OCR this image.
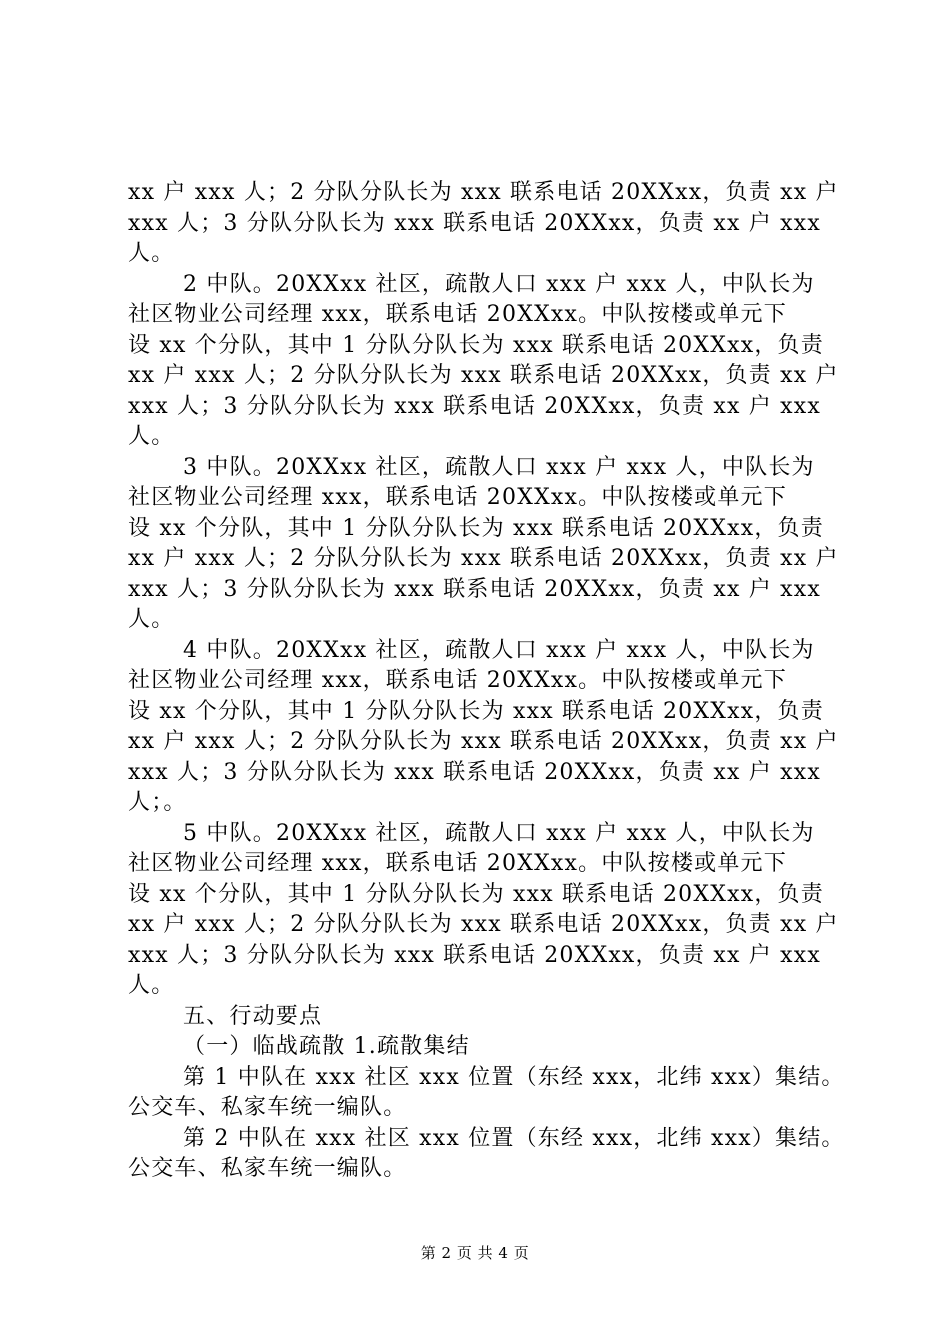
xx 户 xxx 人；2 分队分队长为 xxx 联系电话 20XXxx，负责 xx 户
xxx 人；3 分队分队长为 xxx 联系电话 20XXxx，负责 xx 户 xxx
人。
2 中队。20XXxx 社区，疏散人口 xxx 户 xxx 人，中队长为
社区物业公司经理 xxx，联系电话 20XXxx。中队按楼或单元下
设 xx 个分队，其中 1 分队分队长为 xxx 联系电话 20XXxx，负责
xx 户 xxx 人；2 分队分队长为 xxx 联系电话 20XXxx，负责 xx 户
xxx 人；3 分队分队长为 xxx 联系电话 20XXxx，负责 xx 户 xxx
人。
3 中队。20XXxx 社区，疏散人口 xxx 户 xxx 人，中队长为
社区物业公司经理 xxx，联系电话 20XXxx。中队按楼或单元下
设 xx 个分队，其中 1 分队分队长为 xxx 联系电话 20XXxx，负责
xx 户 xxx 人；2 分队分队长为 xxx 联系电话 20XXxx，负责 xx 户
xxx 人；3 分队分队长为 xxx 联系电话 20XXxx，负责 xx 户 xxx
人。
4 中队。20XXxx 社区，疏散人口 xxx 户 xxx 人，中队长为
社区物业公司经理 xxx，联系电话 20XXxx。中队按楼或单元下
设 xx 个分队，其中 1 分队分队长为 xxx 联系电话 20XXxx，负责
xx 户 xxx 人；2 分队分队长为 xxx 联系电话 20XXxx，负责 xx 户
xxx 人；3 分队分队长为 xxx 联系电话 20XXxx，负责 xx 户 xxx
人；。
5 中队。20XXxx 社区，疏散人口 xxx 户 xxx 人，中队长为
社区物业公司经理 xxx，联系电话 20XXxx。中队按楼或单元下
设 xx 个分队，其中 1 分队分队长为 xxx 联系电话 20XXxx，负责
xx 户 xxx 人；2 分队分队长为 xxx 联系电话 20XXxx，负责 xx 户
xxx 人；3 分队分队长为 xxx 联系电话 20XXxx，负责 xx 户 xxx
人。
五、行动要点
（一）临战疏散 1.疏散集结
第 1 中队在 xxx 社区 xxx 位置（东经 xxx，北纬 xxx）集结。
公交车、私家车统一编队。
第 2 中队在 xxx 社区 xxx 位置（东经 xxx，北纬 xxx）集结。
公交车、私家车统一编队。
第 2 页 共 4 页
